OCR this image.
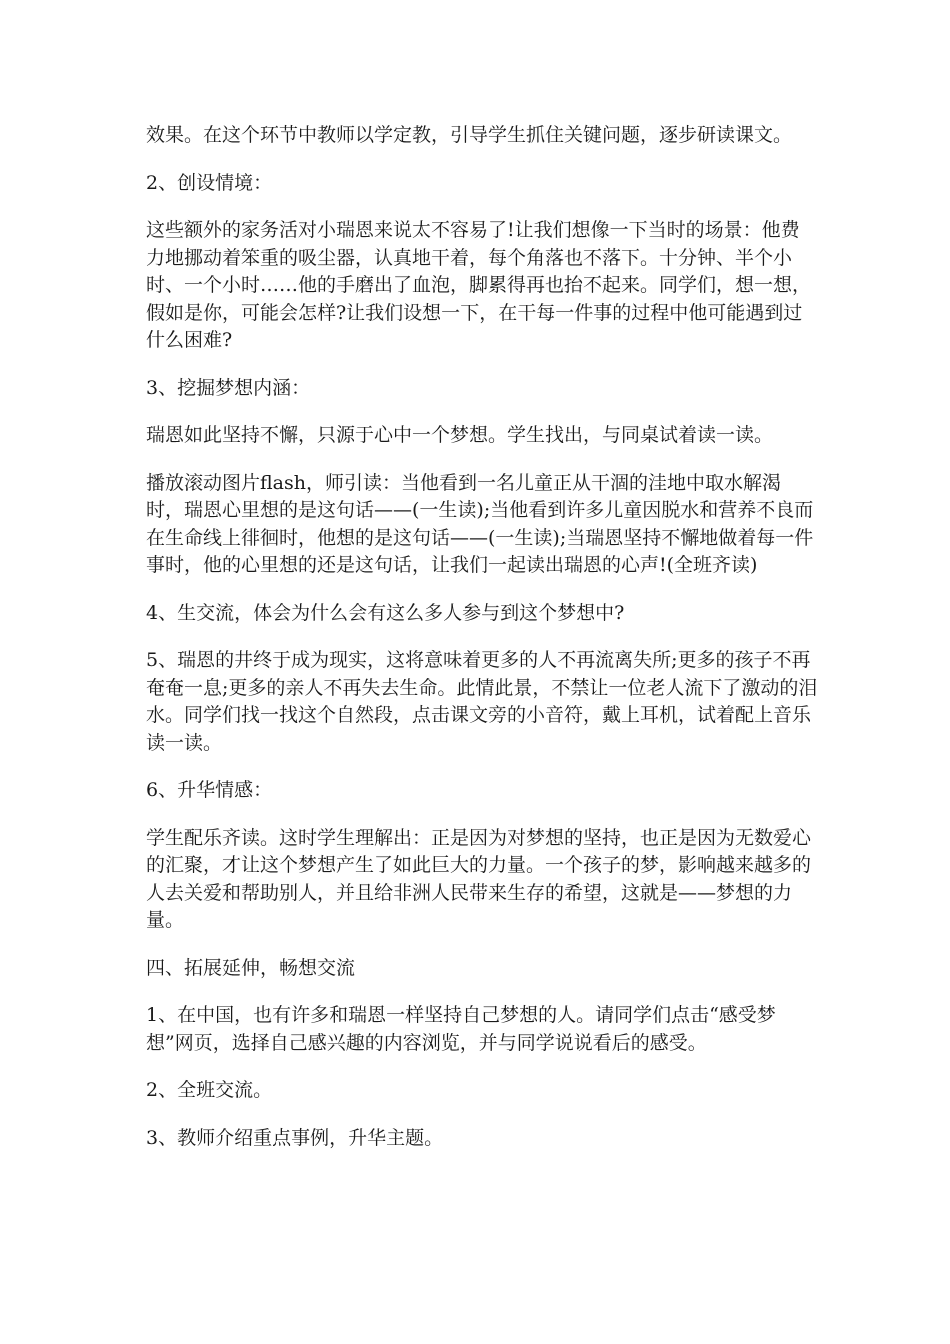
效果。在这个环节中教师以学定教，引导学生抓住关键问题，逐步研读课文。

2、创设情境：

这些额外的家务活对小瑞恩来说太不容易了!让我们想像一下当时的场景：他费力地挪动着笨重的吸尘器，认真地干着，每个角落也不落下。十分钟、半个小时、一个小时……他的手磨出了血泡，脚累得再也抬不起来。同学们，想一想，假如是你，可能会怎样?让我们设想一下，在干每一件事的过程中他可能遇到过什么困难?

3、挖掘梦想内涵：

瑞恩如此坚持不懈，只源于心中一个梦想。学生找出，与同桌试着读一读。

播放滚动图片flash，师引读：当他看到一名儿童正从干涸的洼地中取水解渴时，瑞恩心里想的是这句话——(一生读);当他看到许多儿童因脱水和营养不良而在生命线上徘徊时，他想的是这句话——(一生读);当瑞恩坚持不懈地做着每一件事时，他的心里想的还是这句话，让我们一起读出瑞恩的心声!(全班齐读)

4、生交流，体会为什么会有这么多人参与到这个梦想中?

5、瑞恩的井终于成为现实，这将意味着更多的人不再流离失所;更多的孩子不再奄奄一息;更多的亲人不再失去生命。此情此景，不禁让一位老人流下了激动的泪水。同学们找一找这个自然段，点击课文旁的小音符，戴上耳机，试着配上音乐读一读。

6、升华情感：

学生配乐齐读。这时学生理解出：正是因为对梦想的坚持，也正是因为无数爱心的汇聚，才让这个梦想产生了如此巨大的力量。一个孩子的梦，影响越来越多的人去关爱和帮助别人，并且给非洲人民带来生存的希望，这就是——梦想的力量。

四、拓展延伸，畅想交流

1、在中国，也有许多和瑞恩一样坚持自己梦想的人。请同学们点击“感受梦想”网页，选择自己感兴趣的内容浏览，并与同学说说看后的感受。

2、全班交流。

3、教师介绍重点事例，升华主题。
